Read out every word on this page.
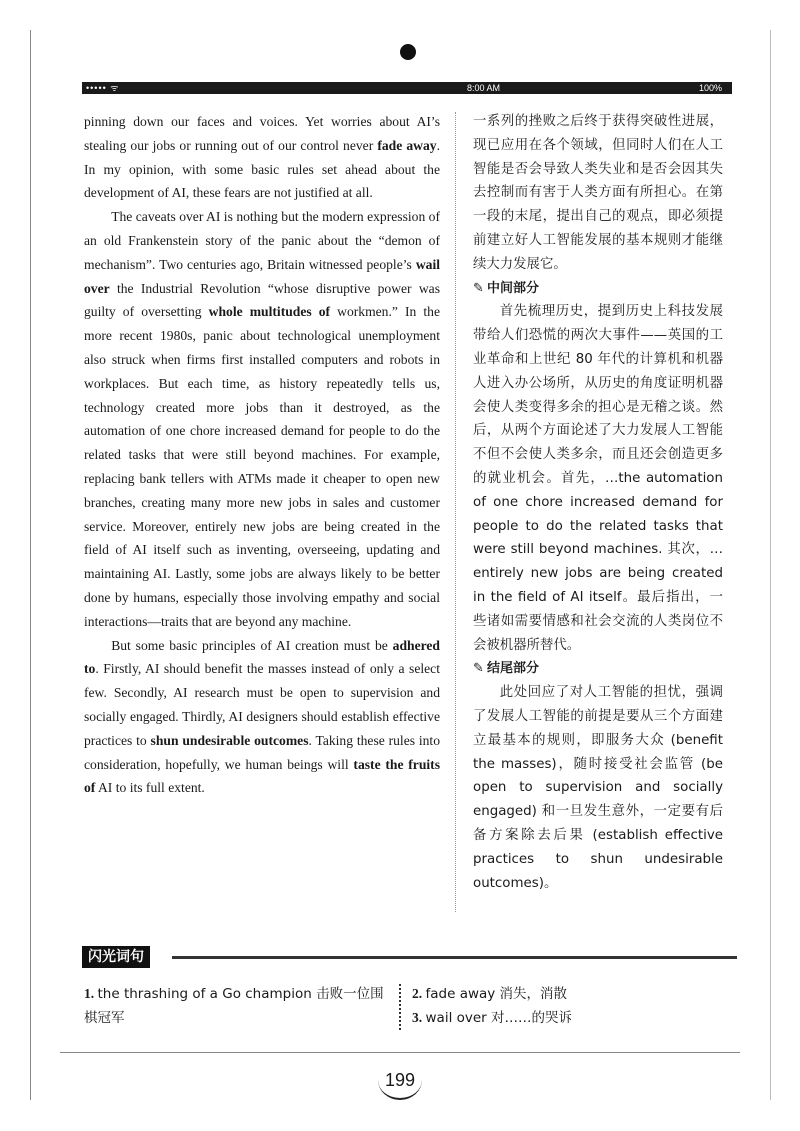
••••• ᯤ	8:00 AM	100%

pinning down our faces and voices. Yet worries about AI’s stealing our jobs or running out of our control never fade away. In my opinion, with some basic rules set ahead about the development of AI, these fears are not justified at all.

The caveats over AI is nothing but the modern expression of an old Frankenstein story of the panic about the “demon of mechanism”. Two centuries ago, Britain witnessed people’s wail over the Industrial Revolution “whose disruptive power was guilty of oversetting whole multitudes of workmen.” In the more recent 1980s, panic about technological unemployment also struck when firms first installed computers and robots in workplaces. But each time, as history repeatedly tells us, technology created more jobs than it destroyed, as the automation of one chore increased demand for people to do the related tasks that were still beyond machines. For example, replacing bank tellers with ATMs made it cheaper to open new branches, creating many more new jobs in sales and customer service. Moreover, entirely new jobs are being created in the field of AI itself such as inventing, overseeing, updating and maintaining AI. Lastly, some jobs are always likely to be better done by humans, especially those involving empathy and social interactions—traits that are beyond any machine.

But some basic principles of AI creation must be adhered to. Firstly, AI should benefit the masses instead of only a select few. Secondly, AI research must be open to supervision and socially engaged. Thirdly, AI designers should establish effective practices to shun undesirable outcomes. Taking these rules into consideration, hopefully, we human beings will taste the fruits of AI to its full extent.

一系列的挫败之后终于获得突破性进展，现已应用在各个领域，但同时人们在人工智能是否会导致人类失业和是否会因其失去控制而有害于人类方面有所担心。在第一段的末尾，提出自己的观点，即必须提前建立好人工智能发展的基本规则才能继续大力发展它。

✎ 中间部分

首先梳理历史，提到历史上科技发展带给人们恐慌的两次大事件——英国的工业革命和上世纪 80 年代的计算机和机器人进入办公场所，从历史的角度证明机器会使人类变得多余的担心是无稽之谈。然后，从两个方面论述了大力发展人工智能不但不会使人类多余，而且还会创造更多的就业机会。首先，…the automation of one chore increased demand for people to do the related tasks that were still beyond machines. 其次，…entirely new jobs are being created in the field of AI itself。最后指出，一些诸如需要情感和社会交流的人类岗位不会被机器所替代。

✎ 结尾部分

此处回应了对人工智能的担忧，强调了发展人工智能的前提是要从三个方面建立最基本的规则，即服务大众 (benefit the masses)，随时接受社会监管 (be open to supervision and socially engaged) 和一旦发生意外，一定要有后备方案除去后果 (establish effective practices to shun undesirable outcomes)。

闪光词句
1. the thrashing of a Go champion 击败一位围棋冠军
2. fade away 消失，消散
3. wail over 对……的哭诉
199
